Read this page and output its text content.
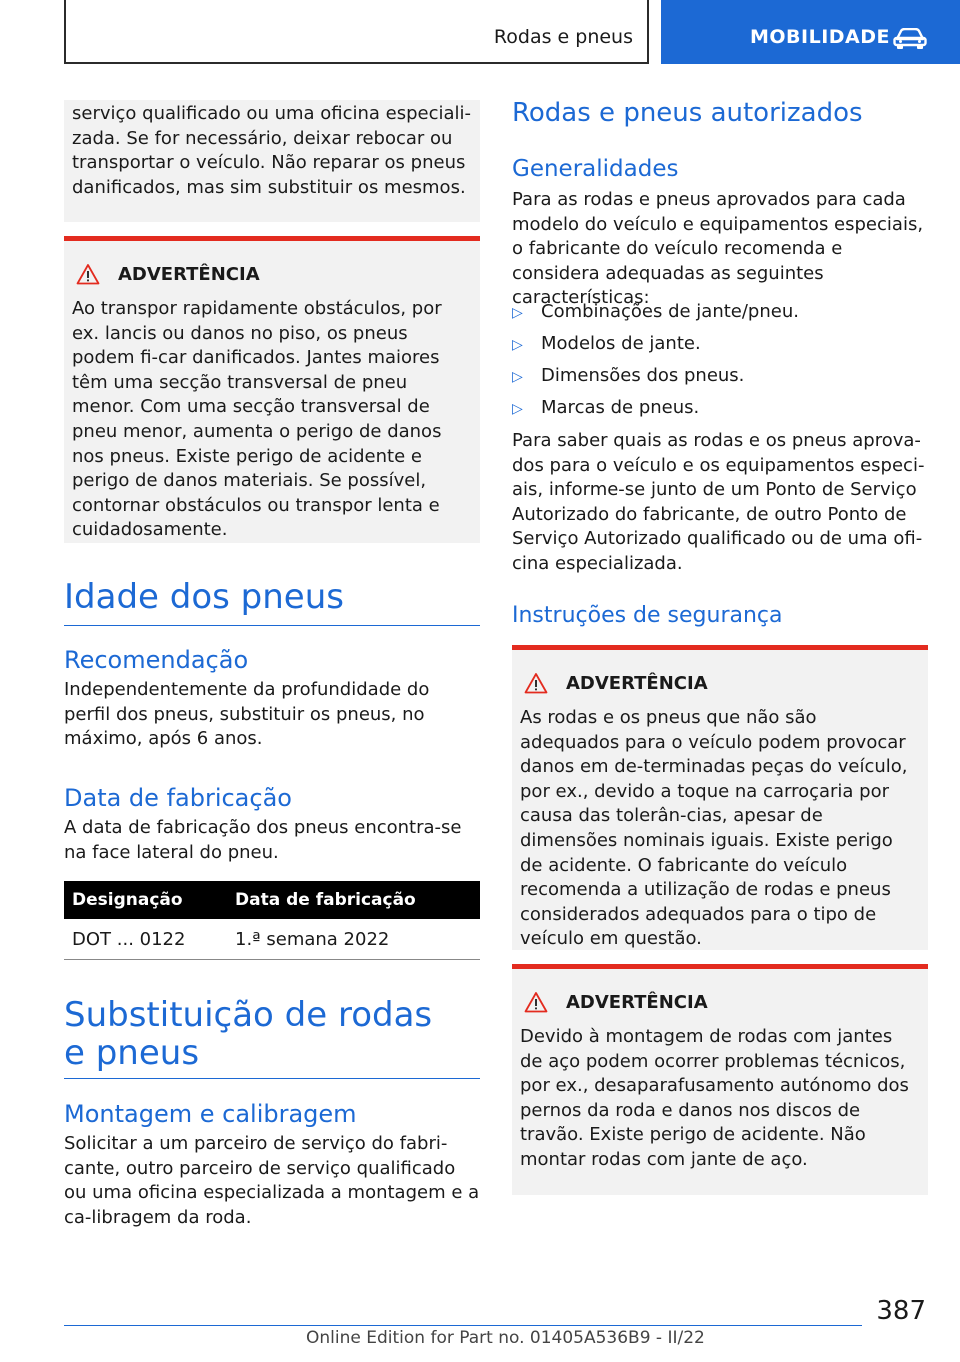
Rodas e pneus	MOBILIDADE

serviço qualificado ou uma oficina especiali-zada. Se for necessário, deixar rebocar ou transportar o veículo. Não reparar os pneus danificados, mas sim substituir os mesmos.

ADVERTÊNCIA

Ao transpor rapidamente obstáculos, por ex. lancis ou danos no piso, os pneus podem fi-car danificados. Jantes maiores têm uma secção transversal de pneu menor. Com uma secção transversal de pneu menor, aumenta o perigo de danos nos pneus. Existe perigo de acidente e perigo de danos materiais. Se possível, contornar obstáculos ou transpor lenta e cuidadosamente.

Idade dos pneus
Recomendação

Independentemente da profundidade do perfil dos pneus, substituir os pneus, no máximo, após 6 anos.

Data de fabricação

A data de fabricação dos pneus encontra-se na face lateral do pneu.

Designação	Data de fabricação
DOT ... 0122	1.ª semana 2022
Substituição de rodas e pneus
Montagem e calibragem

Solicitar a um parceiro de serviço do fabri-cante, outro parceiro de serviço qualificado ou uma oficina especializada a montagem e a ca-libragem da roda.

Rodas e pneus autorizados
Generalidades

Para as rodas e pneus aprovados para cada modelo do veículo e equipamentos especiais, o fabricante do veículo recomenda e considera adequadas as seguintes características:

▷ Combinações de jante/pneu.
▷ Modelos de jante.
▷ Dimensões dos pneus.
▷ Marcas de pneus.

Para saber quais as rodas e os pneus aprova-dos para o veículo e os equipamentos especi-ais, informe-se junto de um Ponto de Serviço Autorizado do fabricante, de outro Ponto de Serviço Autorizado qualificado ou de uma ofi-cina especializada.

Instruções de segurança
ADVERTÊNCIA

As rodas e os pneus que não são adequados para o veículo podem provocar danos em de-terminadas peças do veículo, por ex., devido a toque na carroçaria por causa das tolerân-cias, apesar de dimensões nominais iguais. Existe perigo de acidente. O fabricante do veículo recomenda a utilização de rodas e pneus considerados adequados para o tipo de veículo em questão.

ADVERTÊNCIA

Devido à montagem de rodas com jantes de aço podem ocorrer problemas técnicos, por ex., desaparafusamento autónomo dos pernos da roda e danos nos discos de travão. Existe perigo de acidente. Não montar rodas com jante de aço.

387
Online Edition for Part no. 01405A536B9 - II/22
